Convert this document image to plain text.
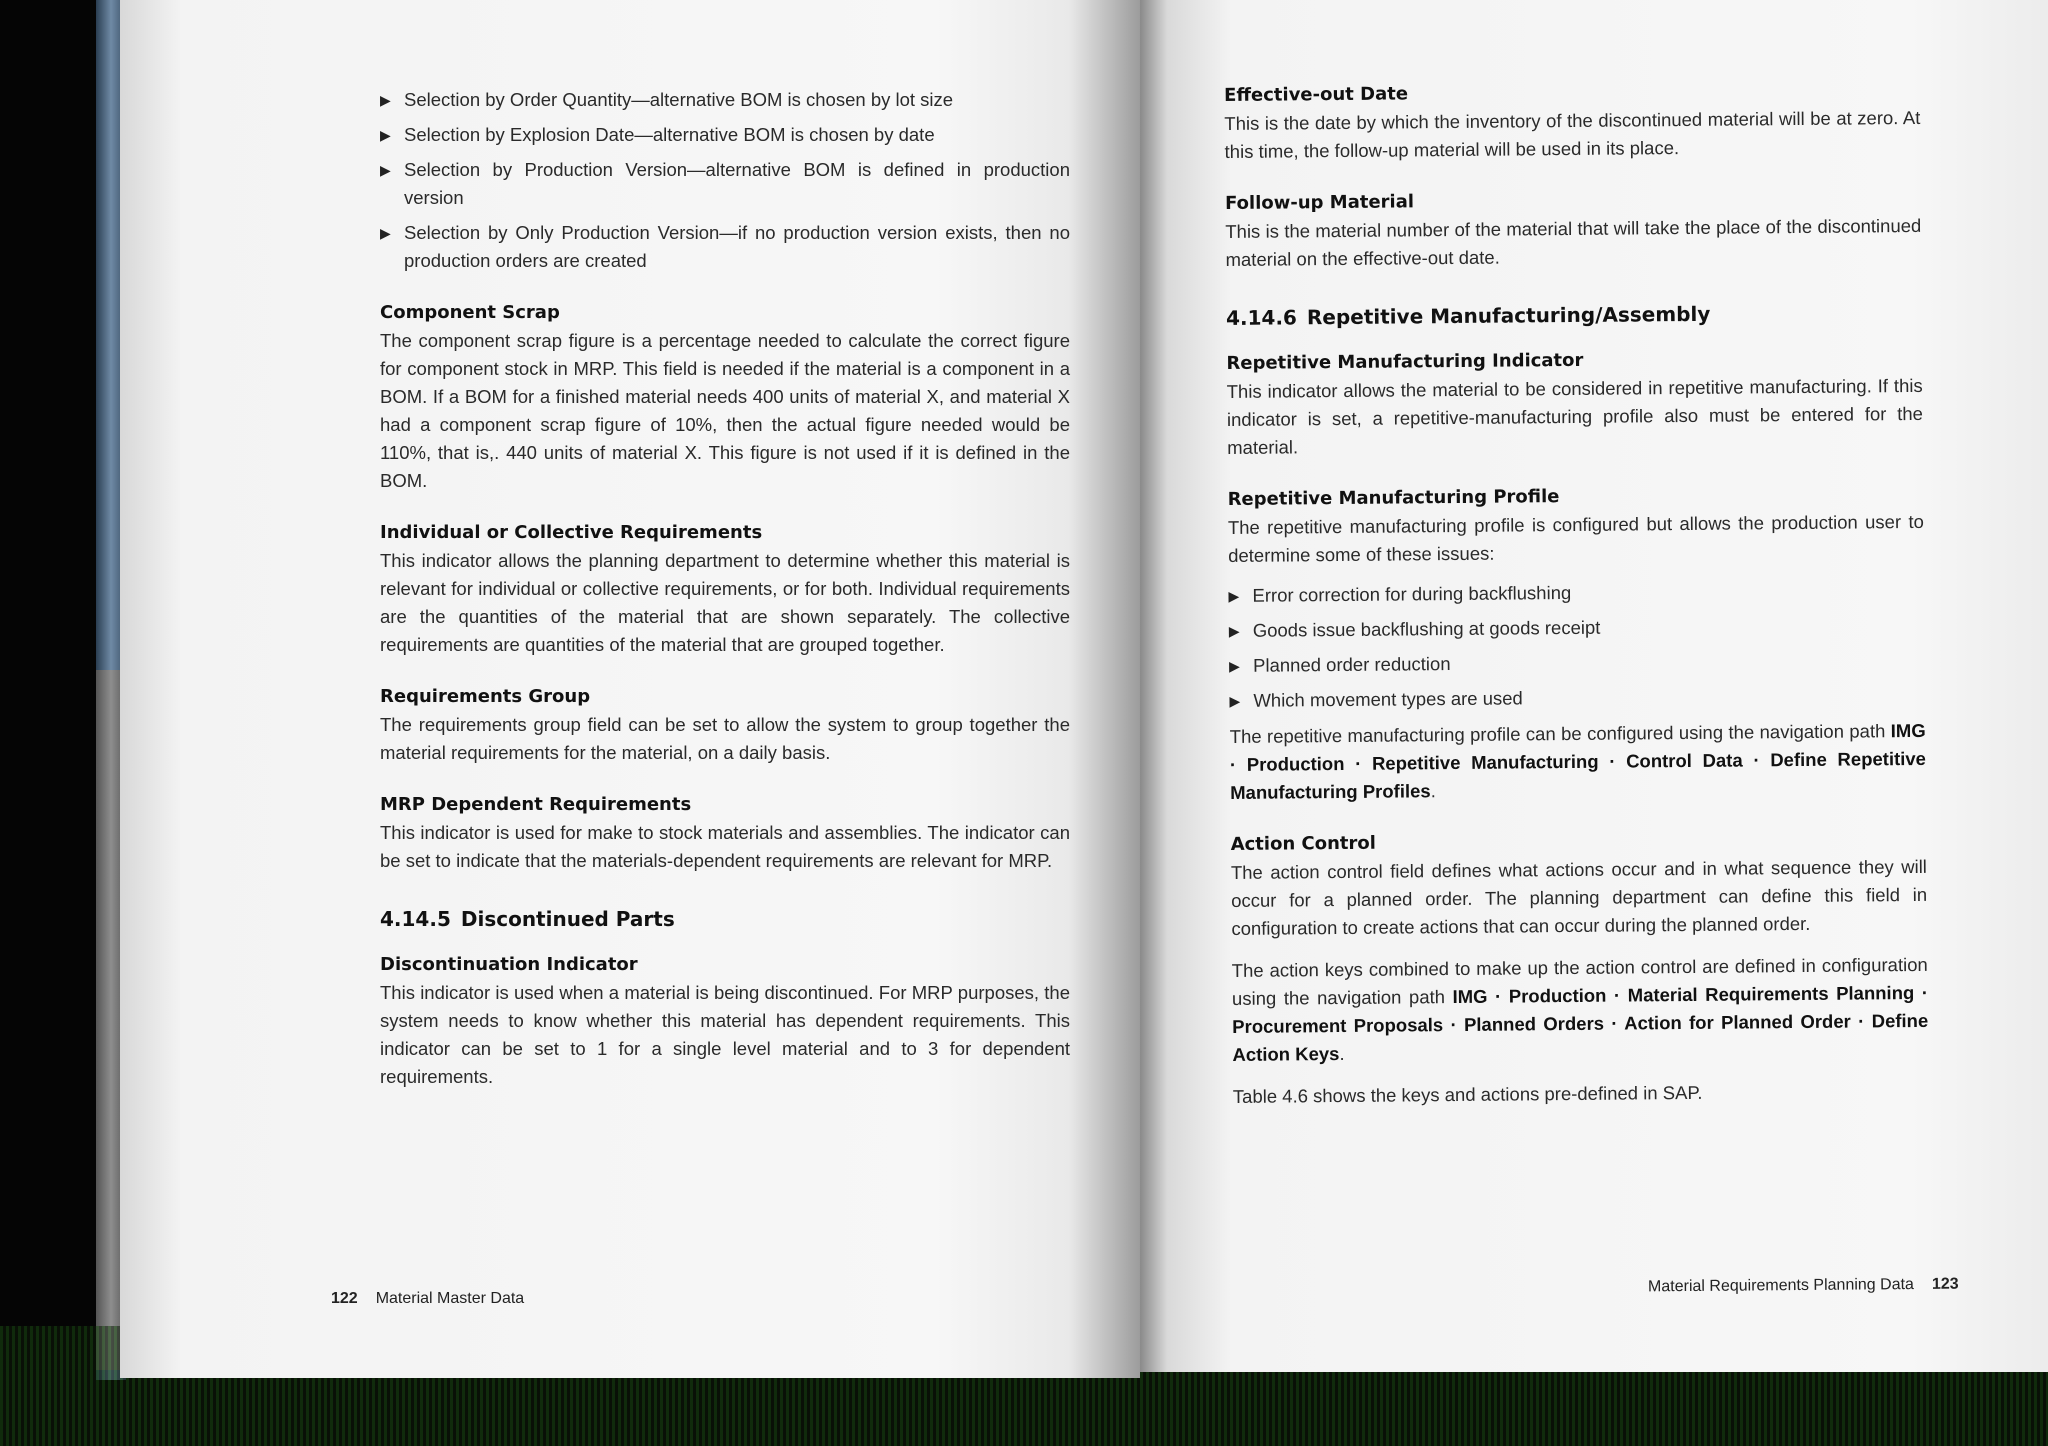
▶ Selection by Order Quantity—alternative BOM is chosen by lot size
▶ Selection by Explosion Date—alternative BOM is chosen by date
▶ Selection by Production Version—alternative BOM is defined in production version
▶ Selection by Only Production Version—if no production version exists, then no production orders are created
Component Scrap

The component scrap figure is a percentage needed to calculate the correct figure for component stock in MRP. This field is needed if the material is a component in a BOM. If a BOM for a finished material needs 400 units of material X, and material X had a component scrap figure of 10%, then the actual figure needed would be 110%, that is,. 440 units of material X. This figure is not used if it is defined in the BOM.

Individual or Collective Requirements

This indicator allows the planning department to determine whether this material is relevant for individual or collective requirements, or for both. Individual requirements are the quantities of the material that are shown separately. The collective requirements are quantities of the material that are grouped together.

Requirements Group

The requirements group field can be set to allow the system to group together the material requirements for the material, on a daily basis.

MRP Dependent Requirements

This indicator is used for make to stock materials and assemblies. The indicator can be set to indicate that the materials-dependent requirements are relevant for MRP.

4.14.5 Discontinued Parts
Discontinuation Indicator

This indicator is used when a material is being discontinued. For MRP purposes, the system needs to know whether this material has dependent requirements. This indicator can be set to 1 for a single level material and to 3 for dependent requirements.

122 Material Master Data
Effective-out Date

This is the date by which the inventory of the discontinued material will be at zero. At this time, the follow-up material will be used in its place.

Follow-up Material

This is the material number of the material that will take the place of the discontinued material on the effective-out date.

4.14.6 Repetitive Manufacturing/Assembly
Repetitive Manufacturing Indicator

This indicator allows the material to be considered in repetitive manufacturing. If this indicator is set, a repetitive-manufacturing profile also must be entered for the material.

Repetitive Manufacturing Profile

The repetitive manufacturing profile is configured but allows the production user to determine some of these issues:

▶ Error correction for during backflushing
▶ Goods issue backflushing at goods receipt
▶ Planned order reduction
▶ Which movement types are used

The repetitive manufacturing profile can be configured using the navigation path IMG · Production · Repetitive Manufacturing · Control Data · Define Repetitive Manufacturing Profiles.

Action Control

The action control field defines what actions occur and in what sequence they will occur for a planned order. The planning department can define this field in configuration to create actions that can occur during the planned order.

The action keys combined to make up the action control are defined in configuration using the navigation path IMG · Production · Material Requirements Planning · Procurement Proposals · Planned Orders · Action for Planned Order · Define Action Keys.

Table 4.6 shows the keys and actions pre-defined in SAP.

Material Requirements Planning Data 123
